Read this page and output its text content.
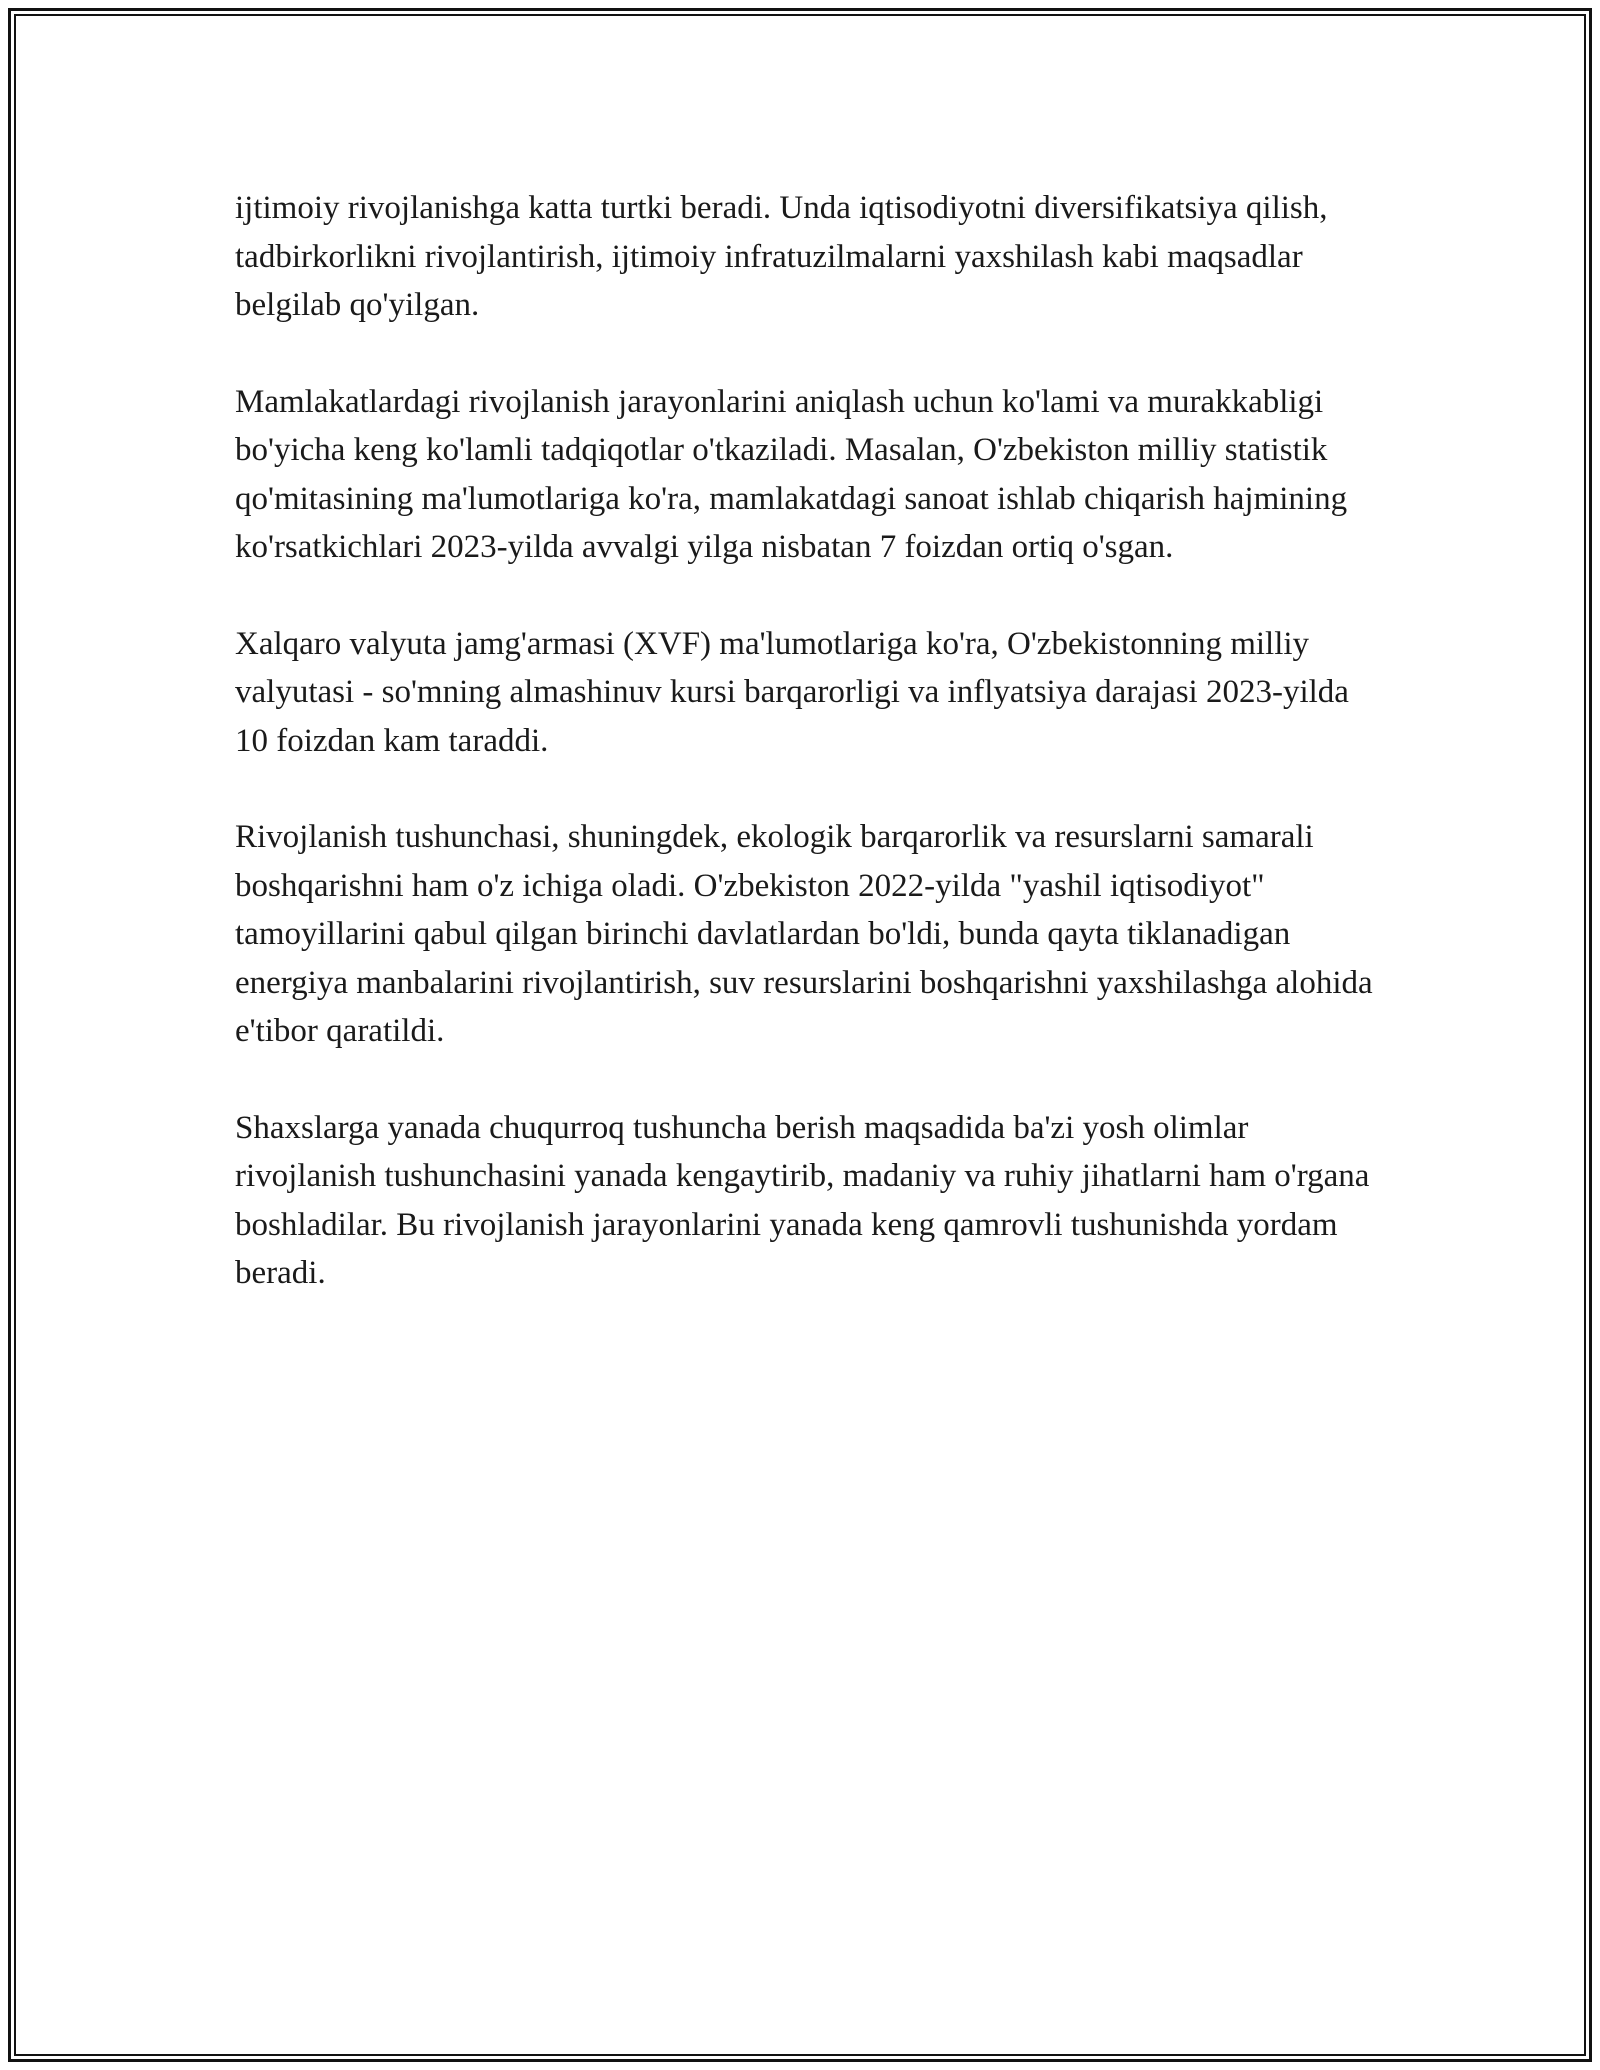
ijtimoiy rivojlanishga katta turtki beradi. Unda iqtisodiyotni diversifikatsiya qilish, tadbirkorlikni rivojlantirish, ijtimoiy infratuzilmalarni yaxshilash kabi maqsadlar belgilab qo'yilgan.

Mamlakatlardagi rivojlanish jarayonlarini aniqlash uchun ko'lami va murakkabligi bo'yicha keng ko'lamli tadqiqotlar o'tkaziladi. Masalan, O'zbekiston milliy statistik qo'mitasining ma'lumotlariga ko'ra, mamlakatdagi sanoat ishlab chiqarish hajmining ko'rsatkichlari 2023-yilda avvalgi yilga nisbatan 7 foizdan ortiq o'sgan.

Xalqaro valyuta jamg'armasi (XVF) ma'lumotlariga ko'ra, O'zbekistonning milliy valyutasi - so'mning almashinuv kursi barqarorligi va inflyatsiya darajasi 2023-yilda 10 foizdan kam taraddi.

Rivojlanish tushunchasi, shuningdek, ekologik barqarorlik va resurslarni samarali boshqarishni ham o'z ichiga oladi. O'zbekiston 2022-yilda "yashil iqtisodiyot" tamoyillarini qabul qilgan birinchi davlatlardan bo'ldi, bunda qayta tiklanadigan energiya manbalarini rivojlantirish, suv resurslarini boshqarishni yaxshilashga alohida e'tibor qaratildi.

Shaxslarga yanada chuqurroq tushuncha berish maqsadida ba'zi yosh olimlar rivojlanish tushunchasini yanada kengaytirib, madaniy va ruhiy jihatlarni ham o'rgana boshladilar. Bu rivojlanish jarayonlarini yanada keng qamrovli tushunishda yordam beradi.
